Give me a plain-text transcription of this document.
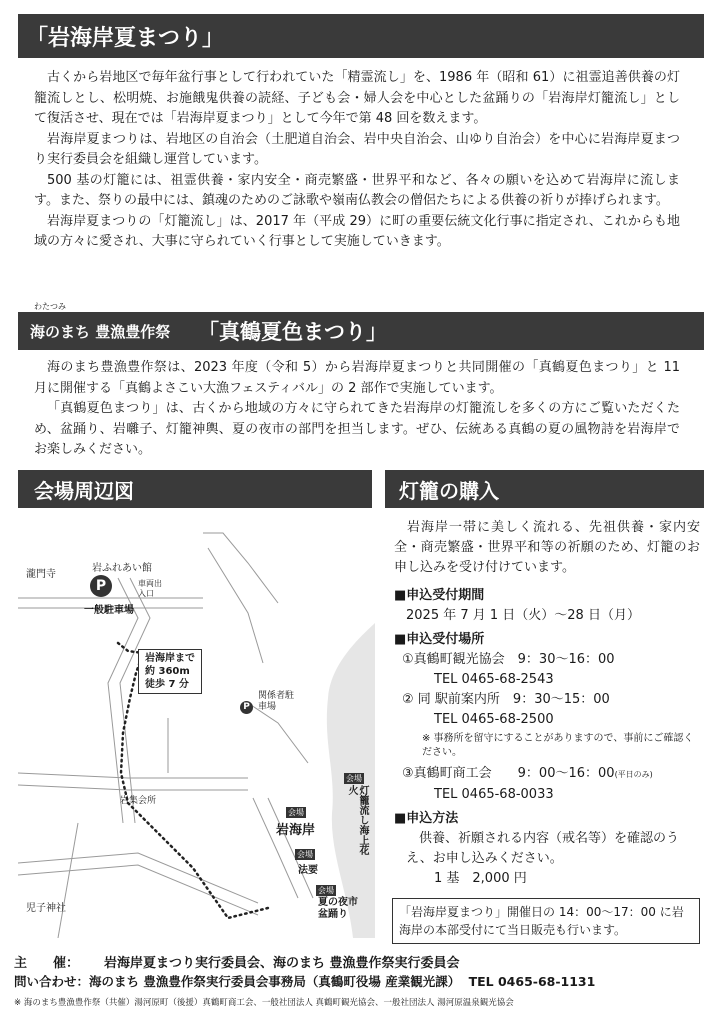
「岩海岸夏まつり」

古くから岩地区で毎年盆行事として行われていた「精霊流し」を、1986 年（昭和 61）に祖霊追善供養の灯籠流しとし、松明焼、お施餓鬼供養の読経、子ども会・婦人会を中心とした盆踊りの「岩海岸灯籠流し」として復活させ、現在では「岩海岸夏まつり」として今年で第 48 回を数えます。

岩海岸夏まつりは、岩地区の自治会（土肥道自治会、岩中央自治会、山ゆり自治会）を中心に岩海岸夏まつり実行委員会を組織し運営しています。

500 基の灯籠には、祖霊供養・家内安全・商売繁盛・世界平和など、各々の願いを込めて岩海岸に流します。また、祭りの最中には、鎮魂のためのご詠歌や嶺南仏教会の僧侶たちによる供養の祈りが捧げられます。

岩海岸夏まつりの「灯籠流し」は、2017 年（平成 29）に町の重要伝統文化行事に指定され、これからも地域の方々に愛され、大事に守られていく行事として実施していきます。

わたつみ
海のまち 豊漁豊作祭 「真鶴夏色まつり」

海のまち豊漁豊作祭は、2023 年度（令和 5）から岩海岸夏まつりと共同開催の「真鶴夏色まつり」と 11 月に開催する「真鶴よさこい大漁フェスティバル」の 2 部作で実施しています。

「真鶴夏色まつり」は、古くから地域の方々に守られてきた岩海岸の灯籠流しを多くの方にご覧いただくため、盆踊り、岩囃子、灯籠神輿、夏の夜市の部門を担当します。ぜひ、伝統ある真鶴の夏の風物詩を岩海岸でお楽しみください。

会場周辺図	灯籠の購入
瀧門寺
岩ふれあい館
P
一般駐車場
車両出入口
岩海岸まで
約 360m
徒歩 7 分
P
関係者駐車場
岩集会所
会場
岩海岸
会場
灯籠流し海上花火
会場
法要
会場
夏の夜市盆踊り
児子神社
岩海岸一帯に美しく流れる、先祖供養・家内安全・商売繁盛・世界平和等の祈願のため、灯籠のお申し込みを受け付けています。
■申込受付期間
2025 年 7 月 1 日（火）～28 日（月）
■申込受付場所
①真鶴町観光協会　9：30～16：00
TEL 0465-68-2543
② 同 駅前案内所　9：30～15：00
TEL 0465-68-2500
※ 事務所を留守にすることがありますので、事前にご確認ください。
③真鶴町商工会　　9：00～16：00(平日のみ)
TEL 0465-68-0033
■申込方法
供養、祈願される内容（戒名等）を確認のうえ、お申し込みください。
1 基　2,000 円
「岩海岸夏まつり」開催日の 14：00～17：00 に岩海岸の本部受付にて当日販売も行います。
主　　催： 岩海岸夏まつり実行委員会、海のまち 豊漁豊作祭実行委員会
問い合わせ：海のまち 豊漁豊作祭実行委員会事務局（真鶴町役場 産業観光課） TEL 0465-68-1131
※ 海のまち豊漁豊作祭（共催）湯河原町（後援）真鶴町商工会、一般社団法人 真鶴町観光協会、一般社団法人 湯河原温泉観光協会
